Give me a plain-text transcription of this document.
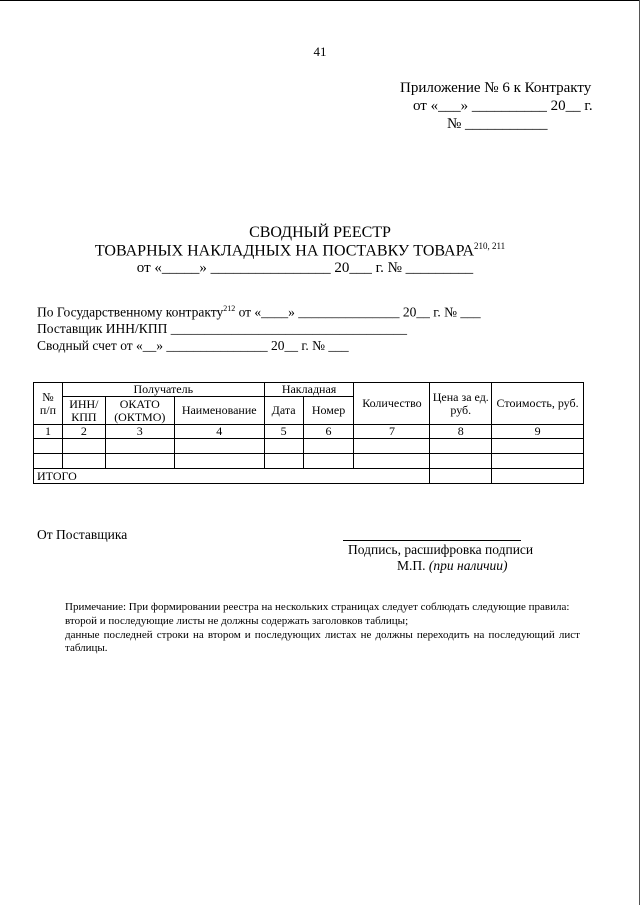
41
Приложение № 6 к Контракту
от «___» __________ 20__ г.
№ ___________
СВОДНЫЙ РЕЕСТР
ТОВАРНЫХ НАКЛАДНЫХ НА ПОСТАВКУ ТОВАРА$^{210, 211}$
от «_____» ________________ 20___ г. № _________
По Государственному контракту$^{212}$ от «____» _______________ 20__ г. № ___
Поставщик ИНН/КПП ___________________________________
Сводный счет от «__» _______________ 20__ г. № ___
№ п/п	Получатель			Накладная		Количество	Цена за ед. руб.	Стоимость, руб.
	ИНН/ КПП	ОКАТО (ОКТМО)	Наименование	Дата	Номер			
1	2	3	4	5	6	7	8	9

ИТОГО								
От Поставщика
Подпись, расшифровка подписи
М.П. (при наличии)
Примечание: При формировании реестра на нескольких страницах следует соблюдать следующие правила:
второй и последующие листы не должны содержать заголовков таблицы;
данные последней строки на втором и последующих листах не должны переходить на последующий лист таблицы.
